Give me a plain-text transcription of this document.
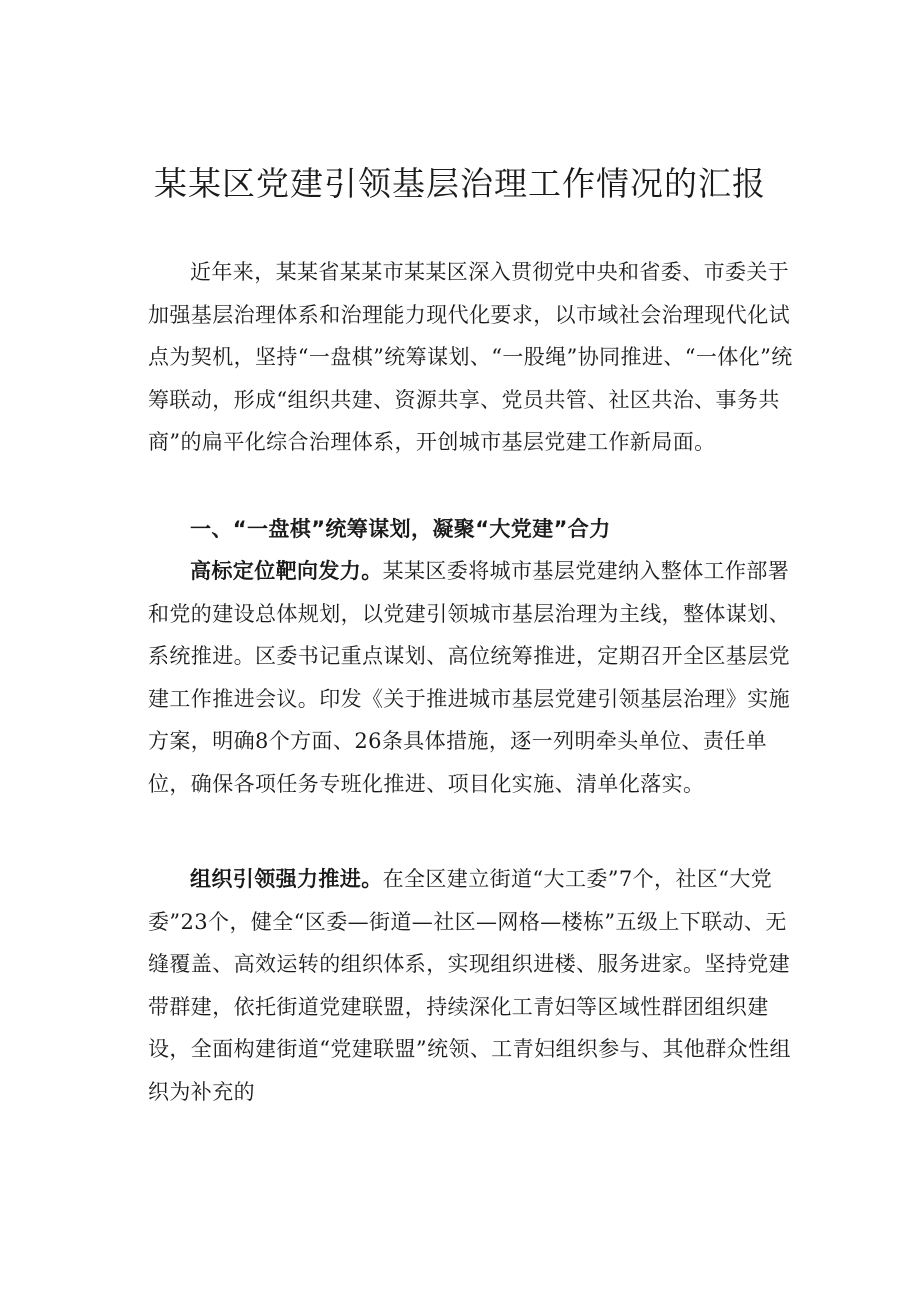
某某区党建引领基层治理工作情况的汇报

近年来，某某省某某市某某区深入贯彻党中央和省委、市委关于加强基层治理体系和治理能力现代化要求，以市域社会治理现代化试点为契机，坚持“一盘棋”统筹谋划、“一股绳”协同推进、“一体化”统筹联动，形成“组织共建、资源共享、党员共管、社区共治、事务共商”的扁平化综合治理体系，开创城市基层党建工作新局面。

一、“一盘棋”统筹谋划，凝聚“大党建”合力

高标定位靶向发力。某某区委将城市基层党建纳入整体工作部署和党的建设总体规划，以党建引领城市基层治理为主线，整体谋划、系统推进。区委书记重点谋划、高位统筹推进，定期召开全区基层党建工作推进会议。印发《关于推进城市基层党建引领基层治理》实施方案，明确8个方面、26条具体措施，逐一列明牵头单位、责任单位，确保各项任务专班化推进、项目化实施、清单化落实。

组织引领强力推进。在全区建立街道“大工委”7个，社区“大党委”23个，健全“区委—街道—社区—网格—楼栋”五级上下联动、无缝覆盖、高效运转的组织体系，实现组织进楼、服务进家。坚持党建带群建，依托街道党建联盟，持续深化工青妇等区域性群团组织建设，全面构建街道“党建联盟”统领、工青妇组织参与、其他群众性组织为补充的
